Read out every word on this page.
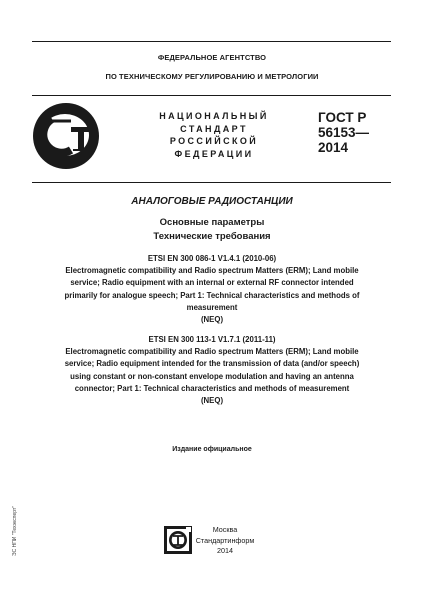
ФЕДЕРАЛЬНОЕ АГЕНТСТВО
ПО ТЕХНИЧЕСКОМУ РЕГУЛИРОВАНИЮ И МЕТРОЛОГИИ
НАЦИОНАЛЬНЫЙ
СТАНДАРТ
РОССИЙСКОЙ
ФЕДЕРАЦИИ
ГОСТ Р
56153—
2014
АНАЛОГОВЫЕ РАДИОСТАНЦИИ
Основные параметры
Технические требования
ETSI EN 300 086-1 V1.4.1 (2010-06)
Electromagnetic compatibility and Radio spectrum Matters (ERM); Land mobile
service; Radio equipment with an internal or external RF connector intended
primarily for analogue speech; Part 1: Technical characteristics and methods of
measurement
(NEQ)
ETSI EN 300 113-1 V1.7.1 (2011-11)
Electromagnetic compatibility and Radio spectrum Matters (ERM); Land mobile
service; Radio equipment intended for the transmission of data (and/or speech)
using constant or non-constant envelope modulation and having an antenna
connector; Part 1: Technical characteristics and methods of measurement
(NEQ)
Издание официальное
Москва
Стандартинформ
2014
ЭС НПИ "Техэксперт"
